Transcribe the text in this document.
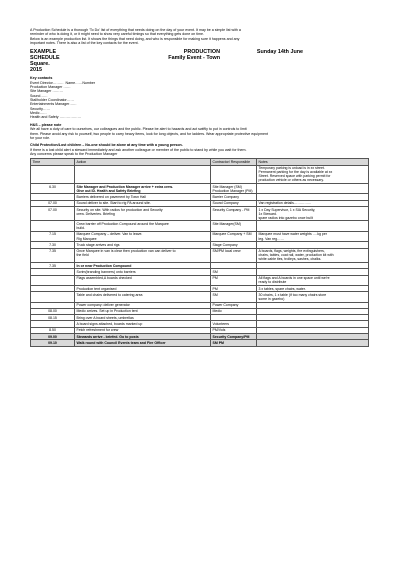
A Production Schedule is a thorough 'To Do' list of everything that needs doing on the day of your event. It may be a simple list with a

reminder of who is doing it, or it might need to show very careful timings so that everything gets done on time.

Below is an example production list. It shows the things that need doing, and who is responsible for making sure it happens and any

important notes. There is also a list of the key contacts for the event.

EXAMPLE

SCHEDULE

Square.

2015

PRODUCTION

Family Event - Town

Sunday 14th June

Key contacts

Event Director………  Name……Number

Production Manager ……

Site Manager ………

Sound……

Stallholder Coordinator……

Entertainments Manager……

Security……

Medic……

Health and Safety ………………

H&S – please note

We all have a duty of care to ourselves, our colleagues and the public. Please be alert to hazards and act swiftly to put in controls to limit

them. Please avoid any risk to yourself, two people to carry heavy items, look for long objects, and for ladders. Wear appropriate protective equipment

for your role.

Child Protection/Lost children – No-one should be alone at any time with a young person.

If there is a lost child alert a steward immediately and ask another colleague or member of the public to stand by while you wait for them.

Any concerns please speak to the Production Manager

Time	Action	Contractor/ Responsible	Notes
			Temporary parking is unload is in xx street.
Permanent parking for the day is available at xx
Street. Reserved space with parking permit for
production vehicle or others as necessary.
6.30	Site Manager and Production Manager arrive + extra crew.
Give out ID. Health and Safety Briefing	Site Manager (SM)
Production Manager (PM)	
	Barriers delivered on pavement by Town Hall	Barrier Company	
07.00	Sound deliver to site. Start to rig PA around site.	Sound Company	Van registration details……………
07.00	Security on site. With radios for production and Security
crew. Deliveries. Briefing	Security Company - PM	1 x Day Supervisor, 1 x SIA Security,
1x Steward.
spare radios into gazebo once built
	Crew barrier off Production Compound around the Marquee
build.	Site Manager(SM)	
7.15	Marquee Company – deliver. Van to leave.
Rig Marquee	Marquee Company + SM	Marquee must have water weights ….kg per
leg. Van reg……
7.30	Truck stage arrives and rigs	Stage Company	
7.35	Once Marquee in van is clear then production van can deliver to
the field	SM/PM local crew	A boards, flags, weights, fire extinguishers,
chairs, tables, coat rail, water, production kit with
white cable ties, trolleys, sashes, chalks.
7.35	In or near Production Compound		
	Scrim(branding banners) onto barriers	SM	
	Flags assembled,A boards checked	PM	All flags and A boards in one space until we're
ready to distribute
	Production tent organised	PM	3 x tables, spare chairs, water.
	Table and chairs delivered to catering area	SM	30 chairs, 1 x table (if too many chairs store
some in gazebo)
	Power company: deliver generator	Power Company	
08.00	Medic arrives. Set up in Production tent	Medic	
08.15	Bring over A board sheets, umbrellas		
	A board signs attached, boards marked up	Volunteers	
8.50	Fetch refreshment for crew	PM/Vols	
09.00	Stewards arrive - briefed. Go to posts	Security Company/PM	
09.10	Walk round with Council Events team and Fire Officer	SM PM	
